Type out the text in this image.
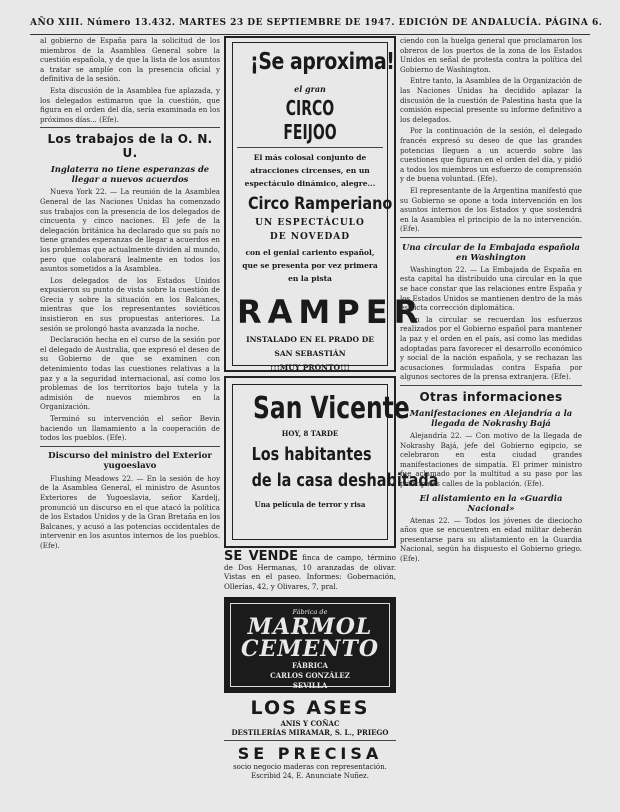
AÑO XIII. Número 13.432. MARTES 23 DE SEPTIEMBRE DE 1947. EDICIÓN DE ANDALUCÍA. PÁGINA 6.

al gobierno de España para la solicitud de los miembros de la Asamblea General sobre la cuestión española, y de que la lista de los asuntos a tratar se amplíe con la presencia oficial y definitiva de la sesión.

Esta discusión de la Asamblea fue aplazada, y los delegados estimaron que la cuestión, que figura en el orden del día, sería examinada en los próximos días... (Efe).

Los trabajos de la O. N. U.
Inglaterra no tiene esperanzas de llegar a nuevos acuerdos

Nueva York 22. — La reunión de la Asamblea General de las Naciones Unidas ha comenzado sus trabajos con la presencia de los delegados de cincuenta y cinco naciones. El jefe de la delegación británica ha declarado que su país no tiene grandes esperanzas de llegar a acuerdos en los problemas que actualmente dividen al mundo, pero que colaborará lealmente en todos los asuntos sometidos a la Asamblea.

Los delegados de los Estados Unidos expusieron su punto de vista sobre la cuestión de Grecia y sobre la situación en los Balcanes, mientras que los representantes soviéticos insistieron en sus propuestas anteriores. La sesión se prolongó hasta avanzada la noche.

Declaración hecha en el curso de la sesión por el delegado de Australia, que expresó el deseo de su Gobierno de que se examinen con detenimiento todas las cuestiones relativas a la paz y a la seguridad internacional, así como los problemas de los territorios bajo tutela y la admisión de nuevos miembros en la Organización.

Terminó su intervención el señor Bevin haciendo un llamamiento a la cooperación de todos los pueblos. (Efe).

Discurso del ministro del Exterior yugoeslavo

Flushing Meadows 22. — En la sesión de hoy de la Asamblea General, el ministro de Asuntos Exteriores de Yugoeslavia, señor Kardelj, pronunció un discurso en el que atacó la política de los Estados Unidos y de la Gran Bretaña en los Balcanes, y acusó a las potencias occidentales de intervenir en los asuntos internos de los pueblos. (Efe).

¡Se aproxima!
el gran CIRCO FEIJOO
El más colosal conjunto de atracciones circenses, en un espectáculo dinámico, alegre...
Circo Ramperiano
UN ESPECTÁCULO
DE NOVEDAD
con el genial cariento español, que se presenta por vez primera en la pista
RAMPER
INSTALADO EN EL PRADO DE SAN SEBASTIÁN
¡¡¡MUY PRONTO!!!
San Vicente
HOY, 8 TARDE
Los habitantes
de la casa deshabitada
Una película de terror y risa
SE VENDE finca de campo, término de Dos Hermanas, 10 aranzadas de olivar. Vistas en el paseo. Informes: Gobernación, Ollerías, 42, y Olivares, 7, pral.
Fábrica de
MARMOL
CEMENTO
FÁBRICA
CARLOS GONZÁLEZ
SEVILLA
LOS ASES
ANIS Y COÑAC
DESTILERÍAS MIRAMAR, S. L., PRIEGO
SE PRECISA
socio negocio maderas con representación. Escribid 24, E. Anunciate Nuñez.

ciendo con la huelga general que proclamaron los obreros de los puertos de la zona de los Estados Unidos en señal de protesta contra la política del Gobierno de Washington.

Entre tanto, la Asamblea de la Organización de las Naciones Unidas ha decidido aplazar la discusión de la cuestión de Palestina hasta que la comisión especial presente su informe definitivo a los delegados.

Por la continuación de la sesión, el delegado francés expresó su deseo de que las grandes potencias lleguen a un acuerdo sobre las cuestiones que figuran en el orden del día, y pidió a todos los miembros un esfuerzo de comprensión y de buena voluntad. (Efe).

El representante de la Argentina manifestó que su Gobierno se opone a toda intervención en los asuntos internos de los Estados y que sostendrá en la Asamblea el principio de la no intervención. (Efe).

Una circular de la Embajada española en Washington

Washington 22. — La Embajada de España en esta capital ha distribuido una circular en la que se hace constar que las relaciones entre España y los Estados Unidos se mantienen dentro de la más estricta corrección diplomática.

En la circular se recuerdan los esfuerzos realizados por el Gobierno español para mantener la paz y el orden en el país, así como las medidas adoptadas para favorecer el desarrollo económico y social de la nación española, y se rechazan las acusaciones formuladas contra España por algunos sectores de la prensa extranjera. (Efe).

Otras informaciones
Manifestaciones en Alejandría a la llegada de Nokrashy Bajá

Alejandría 22. — Con motivo de la llegada de Nokrashy Bajá, jefe del Gobierno egipcio, se celebraron en esta ciudad grandes manifestaciones de simpatía. El primer ministro fue aclamado por la multitud a su paso por las principales calles de la población. (Efe).

El alistamiento en la «Guardia Nacional»

Atenas 22. — Todos los jóvenes de dieciocho años que se encuentren en edad militar deberán presentarse para su alistamiento en la Guardia Nacional, según ha dispuesto el Gobierno griego. (Efe).
